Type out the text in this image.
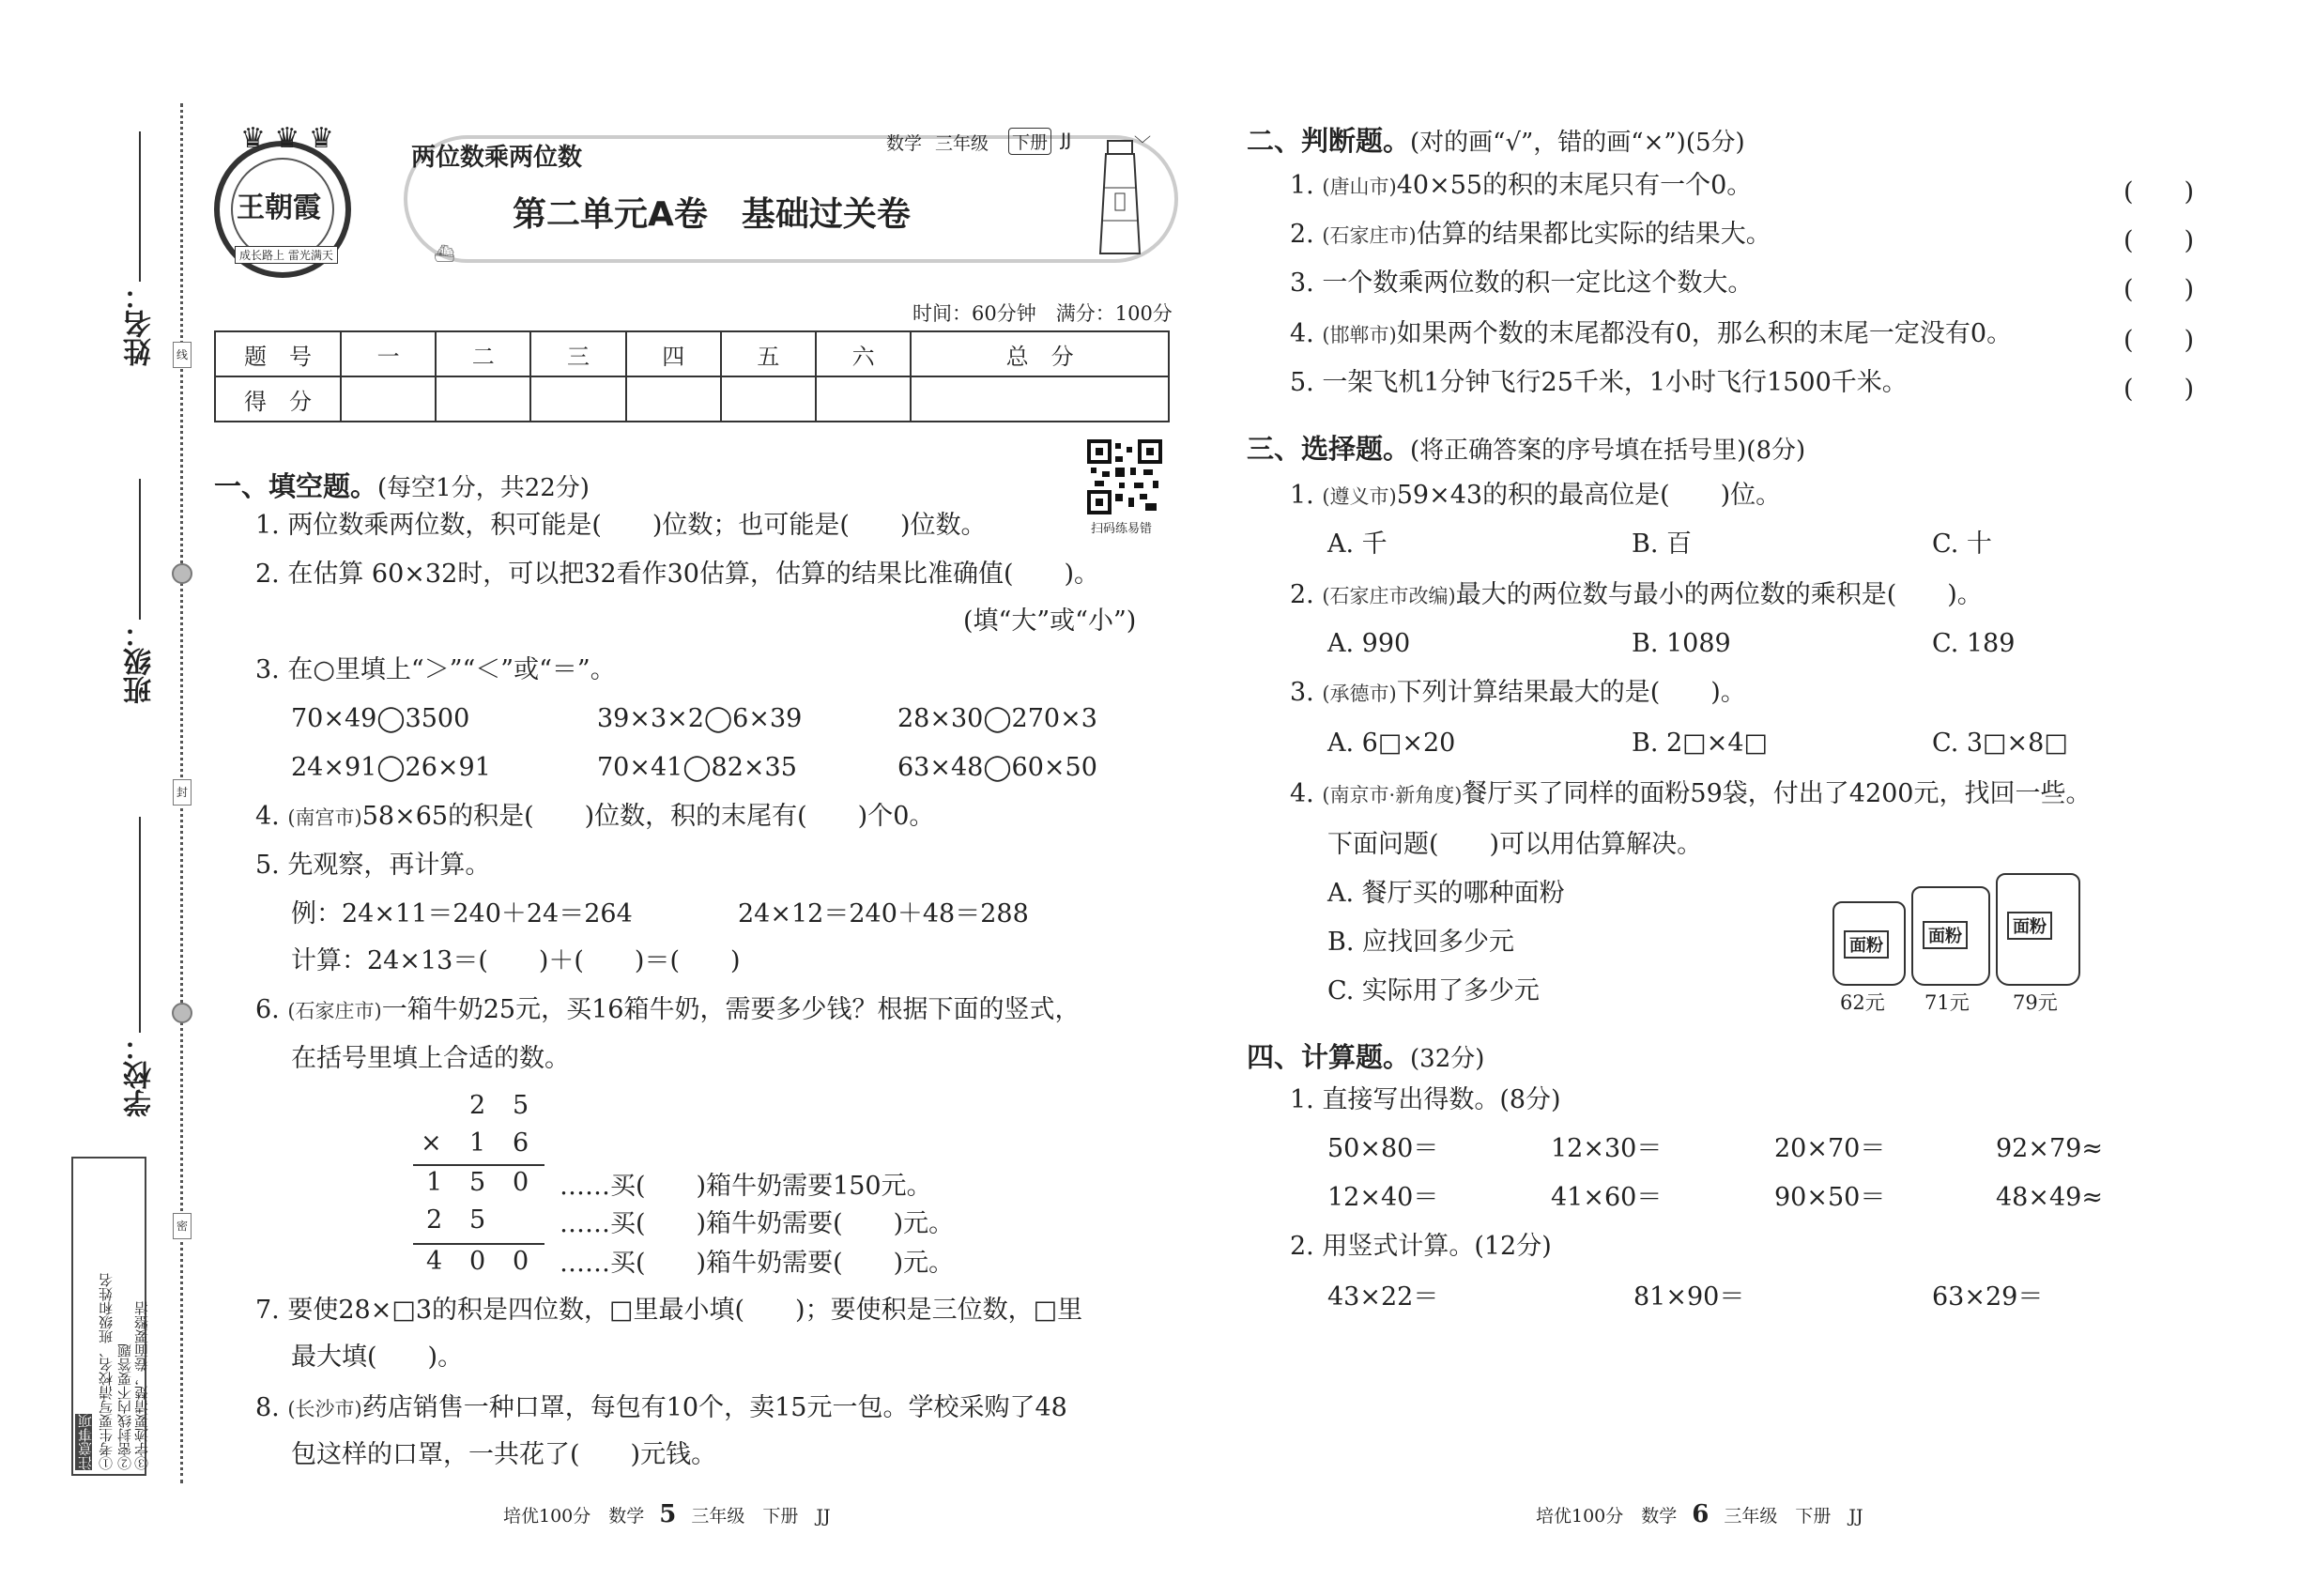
姓名：
班级：
学校：
线
封
密
注意事项 ①考生要写清校名、班级和姓名 ②密封线内不要答题 ③字迹要清楚，卷面要整洁
王朝霞
成长路上 雷光满天
♛ ♛ ♛
两位数乘两位数	数学 三年级 下册 JJ
第二单元A卷　基础过关卷
⛴
﹀
时间：60分钟　满分：100分
题　号	一	二	三	四	五	六	总　分
得　分							
扫码练易错
一、填空题。(每空1分，共22分)
1. 两位数乘两位数，积可能是(　　)位数；也可能是(　　)位数。
2. 在估算 60×32时，可以把32看作30估算，估算的结果比准确值(　　)。
(填“大”或“小”)
3. 在○里填上“＞”“＜”或“＝”。
70×49◯3500	39×3×2◯6×39	28×30◯270×3
24×91◯26×91	70×41◯82×35	63×48◯60×50
4. (南宫市)58×65的积是(　　)位数，积的末尾有(　　)个0。
5. 先观察，再计算。
例：24×11＝240＋24＝264	24×12＝240＋48＝288
计算：24×13＝(　　)＋(　　)＝(　　)
6. (石家庄市)一箱牛奶25元，买16箱牛奶，需要多少钱？根据下面的竖式，
在括号里填上合适的数。
2 5
× 1 6
1 5 0
2 5
4 0 0
……买(　　)箱牛奶需要150元。
……买(　　)箱牛奶需要(　　)元。
……买(　　)箱牛奶需要(　　)元。
7. 要使28×□3的积是四位数，□里最小填(　　)；要使积是三位数，□里
最大填(　　)。
8. (长沙市)药店销售一种口罩，每包有10个，卖15元一包。学校采购了48
包这样的口罩，一共花了(　　)元钱。
培优100分　数学 5 三年级　下册　JJ
二、判断题。(对的画“√”，错的画“×”)(5分)
1. (唐山市)40×55的积的末尾只有一个0。	(　　)
2. (石家庄市)估算的结果都比实际的结果大。	(　　)
3. 一个数乘两位数的积一定比这个数大。	(　　)
4. (邯郸市)如果两个数的末尾都没有0，那么积的末尾一定没有0。	(　　)
5. 一架飞机1分钟飞行25千米，1小时飞行1500千米。	(　　)
三、选择题。(将正确答案的序号填在括号里)(8分)
1. (遵义市)59×43的积的最高位是(　　)位。
A. 千	B. 百	C. 十
2. (石家庄市改编)最大的两位数与最小的两位数的乘积是(　　)。
A. 990	B. 1089	C. 189
3. (承德市)下列计算结果最大的是(　　)。
A. 6□×20	B. 2□×4□	C. 3□×8□
4. (南京市·新角度)餐厅买了同样的面粉59袋，付出了4200元，找回一些。
下面问题(　　)可以用估算解决。
A. 餐厅买的哪种面粉
B. 应找回多少元
C. 实际用了多少元
面粉
62元
面粉
71元
面粉
79元
四、计算题。(32分)
1. 直接写出得数。(8分)
50×80＝	12×30＝	20×70＝	92×79≈
12×40＝	41×60＝	90×50＝	48×49≈
2. 用竖式计算。(12分)
43×22＝	81×90＝	63×29＝
培优100分　数学 6 三年级　下册　JJ
